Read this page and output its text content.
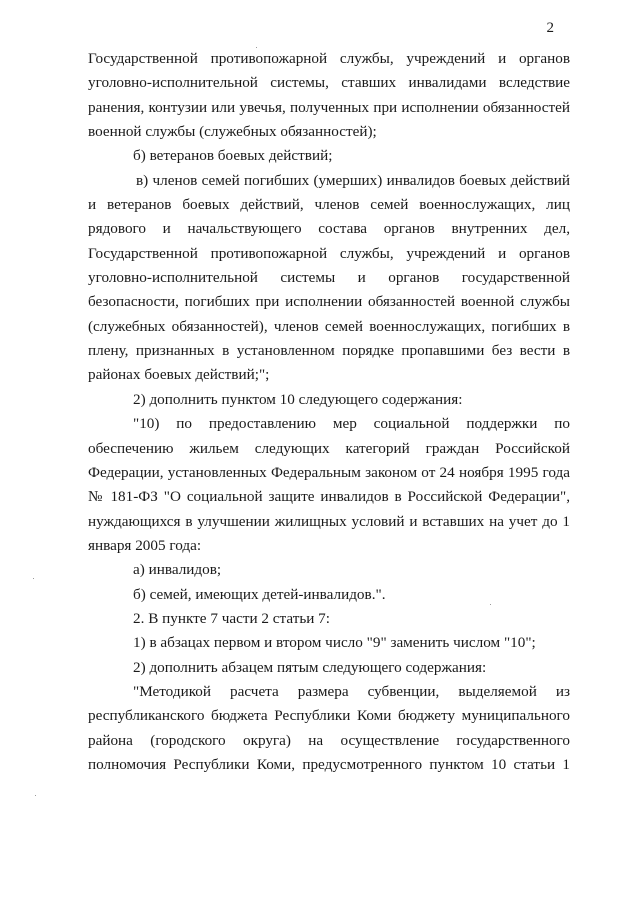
2

Государственной противопожарной службы, учреждений и органов уголовно-исполнительной системы, ставших инвалидами вследствие ранения, контузии или увечья, полученных при исполнении обязанностей военной службы (служебных обязанностей);

б) ветеранов боевых действий;

в) членов семей погибших (умерших) инвалидов боевых действий и ветеранов боевых действий, членов семей военнослужащих, лиц рядового и начальствующего состава органов внутренних дел, Государственной противопожарной службы, учреждений и органов уголовно-исполнительной системы и органов государственной безопасности, погибших при исполнении обязанностей военной службы (служебных обязанностей), членов семей военнослужащих, погибших в плену, признанных в установленном порядке пропавшими без вести в районах боевых действий;";

2) дополнить пунктом 10 следующего содержания:

"10) по предоставлению мер социальной поддержки по обеспечению жильем следующих категорий граждан Российской Федерации, установленных Федеральным законом от 24 ноября 1995 года № 181-ФЗ "О социальной защите инвалидов в Российской Федерации", нуждающихся в улучшении жилищных условий и вставших на учет до 1 января 2005 года:

а) инвалидов;

б) семей, имеющих детей-инвалидов.".

2. В пункте 7 части 2 статьи 7:

1) в абзацах первом и втором число "9" заменить числом "10";

2) дополнить абзацем пятым следующего содержания:

"Методикой расчета размера субвенции, выделяемой из республиканского бюджета Республики Коми бюджету муниципального района (городского округа) на осуществление государственного полномочия Республики Коми, предусмотренного пунктом 10 статьи 1
